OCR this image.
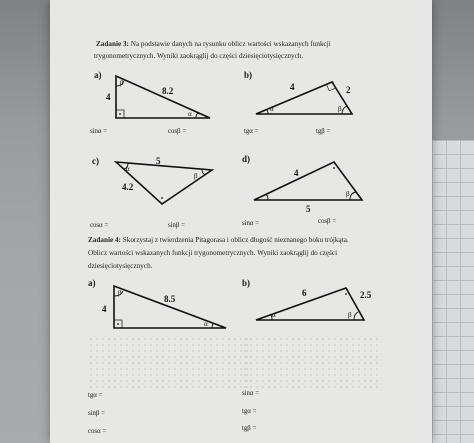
Zadanie 3: Na podstawie danych na rysunku oblicz wartości wskazanych funkcji
trygonometrycznych. Wyniki zaokrąglij do części dziesięciotysięcznych.
a)
β
α
4
8.2
sinα =	cosβ =
b)
α	β
4	2
tgα =	tgβ =
c)
α
β
5
4.2
cosα =	sinβ =
d)
β
4
5
sinα =	cosβ =
Zadanie 4: Skorzystaj z twierdzenia Pitagorasa i oblicz długość nieznanego boku trójkąta.
Oblicz wartości wskazanych funkcji trygonometrycznych. Wyniki zaokrąglij do części
dziesięciotysięcznych.
a)
β
α
4
8.5
b)
α	β
6	2.5
tgα =
sinβ =
cosα =
sinα =
tgα =
tgβ =
